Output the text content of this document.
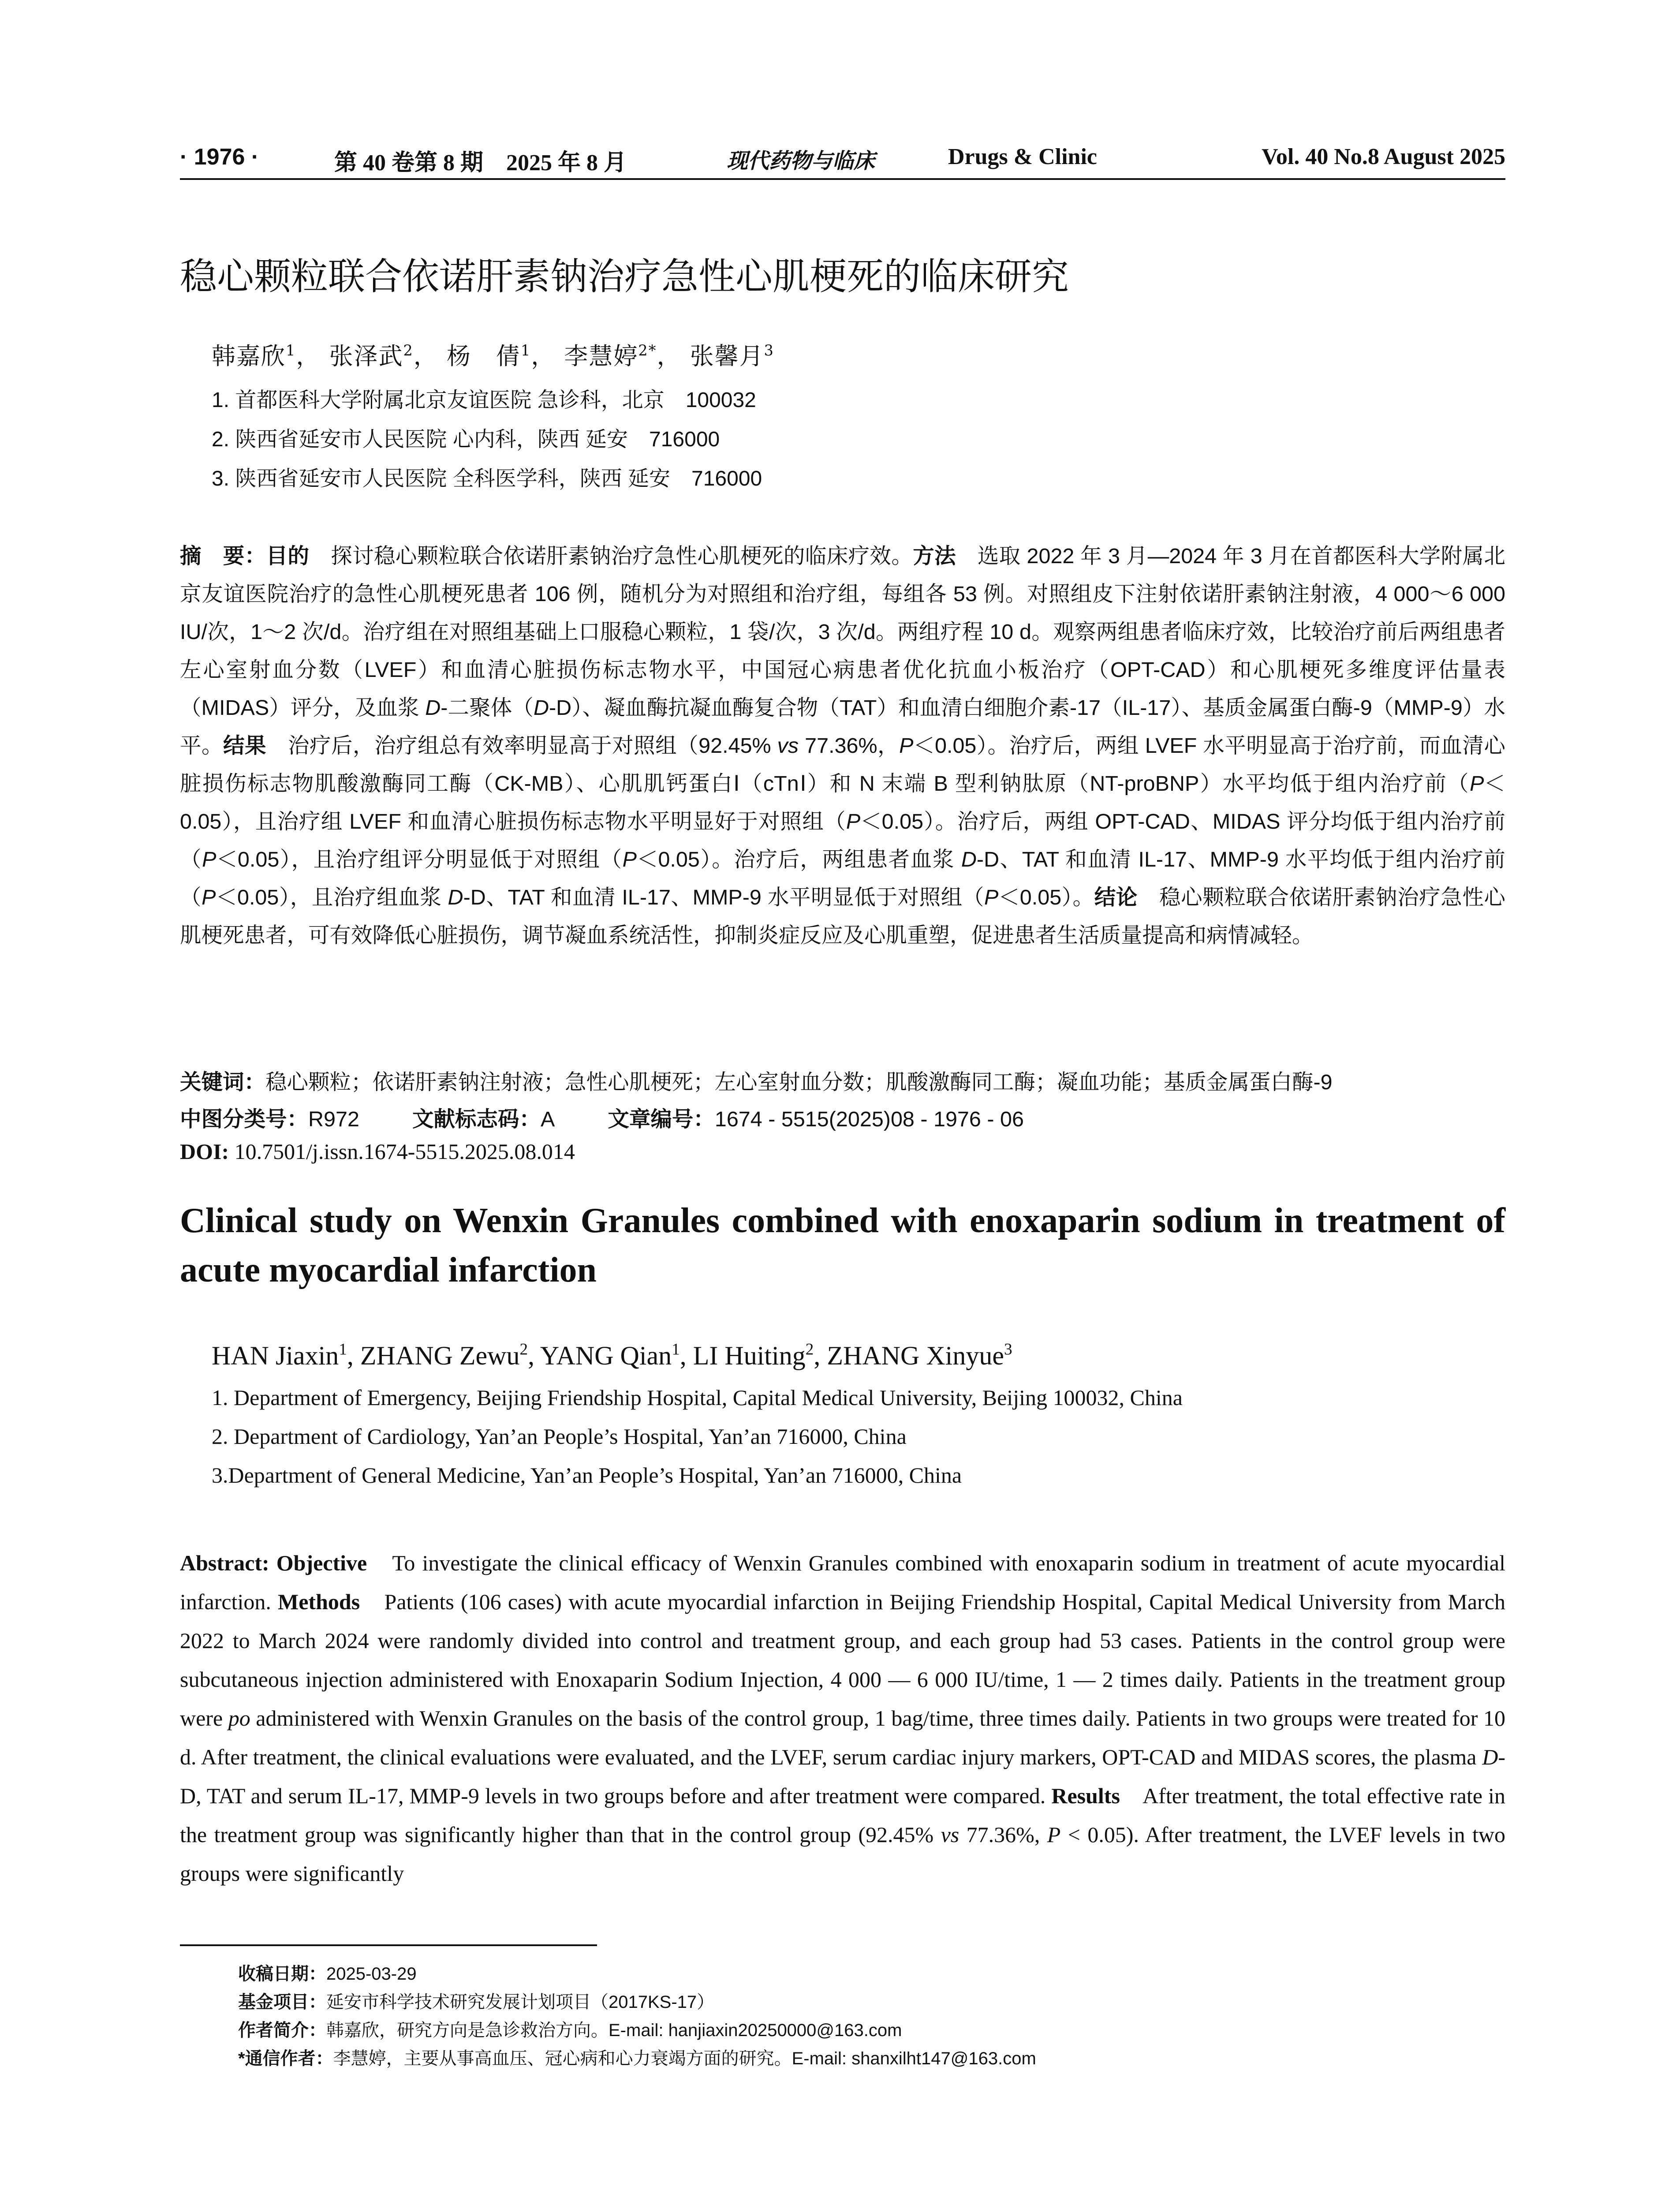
· 1976 ·	第 40 卷第 8 期　2025 年 8 月	现代药物与临床	Drugs & Clinic	Vol. 40 No.8 August 2025
稳心颗粒联合依诺肝素钠治疗急性心肌梗死的临床研究
韩嘉欣$^1$， 张泽武$^2$， 杨　倩$^1$， 李慧婷$^{2*}$， 张馨月$^3$
1. 首都医科大学附属北京友谊医院 急诊科，北京　100032
2. 陕西省延安市人民医院 心内科，陕西 延安　716000
3. 陕西省延安市人民医院 全科医学科，陕西 延安　716000
摘　要：目的　探讨稳心颗粒联合依诺肝素钠治疗急性心肌梗死的临床疗效。方法　选取 2022 年 3 月—2024 年 3 月在首都医科大学附属北京友谊医院治疗的急性心肌梗死患者 106 例，随机分为对照组和治疗组，每组各 53 例。对照组皮下注射依诺肝素钠注射液，4 000～6 000 IU/次，1～2 次/d。治疗组在对照组基础上口服稳心颗粒，1 袋/次，3 次/d。两组疗程 10 d。观察两组患者临床疗效，比较治疗前后两组患者左心室射血分数（LVEF）和血清心脏损伤标志物水平，中国冠心病患者优化抗血小板治疗（OPT-CAD）和心肌梗死多维度评估量表（MIDAS）评分，及血浆 D-二聚体（D-D）、凝血酶抗凝血酶复合物（TAT）和血清白细胞介素-17（IL-17）、基质金属蛋白酶-9（MMP-9）水平。结果　治疗后，治疗组总有效率明显高于对照组（92.45% vs 77.36%，P＜0.05）。治疗后，两组 LVEF 水平明显高于治疗前，而血清心脏损伤标志物肌酸激酶同工酶（CK-MB）、心肌肌钙蛋白Ⅰ（cTnⅠ）和 N 末端 B 型利钠肽原（NT-proBNP）水平均低于组内治疗前（P＜0.05），且治疗组 LVEF 和血清心脏损伤标志物水平明显好于对照组（P＜0.05）。治疗后，两组 OPT-CAD、MIDAS 评分均低于组内治疗前（P＜0.05），且治疗组评分明显低于对照组（P＜0.05）。治疗后，两组患者血浆 D-D、TAT 和血清 IL-17、MMP-9 水平均低于组内治疗前（P＜0.05），且治疗组血浆 D-D、TAT 和血清 IL-17、MMP-9 水平明显低于对照组（P＜0.05）。结论　稳心颗粒联合依诺肝素钠治疗急性心肌梗死患者，可有效降低心脏损伤，调节凝血系统活性，抑制炎症反应及心肌重塑，促进患者生活质量提高和病情减轻。
关键词：稳心颗粒；依诺肝素钠注射液；急性心肌梗死；左心室射血分数；肌酸激酶同工酶；凝血功能；基质金属蛋白酶-9
中图分类号：R972 文献标志码：A 文章编号：1674 - 5515(2025)08 - 1976 - 06
DOI: 10.7501/j.issn.1674-5515.2025.08.014
Clinical study on Wenxin Granules combined with enoxaparin sodium in treatment of acute myocardial infarction
HAN Jiaxin$^1$, ZHANG Zewu$^2$, YANG Qian$^1$, LI Huiting$^2$, ZHANG Xinyue$^3$
1. Department of Emergency, Beijing Friendship Hospital, Capital Medical University, Beijing 100032, China
2. Department of Cardiology, Yan’an People’s Hospital, Yan’an 716000, China
3.Department of General Medicine, Yan’an People’s Hospital, Yan’an 716000, China
Abstract: Objective　To investigate the clinical efficacy of Wenxin Granules combined with enoxaparin sodium in treatment of acute myocardial infarction. Methods　Patients (106 cases) with acute myocardial infarction in Beijing Friendship Hospital, Capital Medical University from March 2022 to March 2024 were randomly divided into control and treatment group, and each group had 53 cases. Patients in the control group were subcutaneous injection administered with Enoxaparin Sodium Injection, 4 000 — 6 000 IU/time, 1 — 2 times daily. Patients in the treatment group were po administered with Wenxin Granules on the basis of the control group, 1 bag/time, three times daily. Patients in two groups were treated for 10 d. After treatment, the clinical evaluations were evaluated, and the LVEF, serum cardiac injury markers, OPT-CAD and MIDAS scores, the plasma D-D, TAT and serum IL-17, MMP-9 levels in two groups before and after treatment were compared. Results　After treatment, the total effective rate in the treatment group was significantly higher than that in the control group (92.45% vs 77.36%, P < 0.05). After treatment, the LVEF levels in two groups were significantly
收稿日期：2025-03-29
基金项目：延安市科学技术研究发展计划项目（2017KS-17）
作者简介：韩嘉欣，研究方向是急诊救治方向。E-mail: hanjiaxin20250000@163.com
*通信作者：李慧婷，主要从事高血压、冠心病和心力衰竭方面的研究。E-mail: shanxilht147@163.com
